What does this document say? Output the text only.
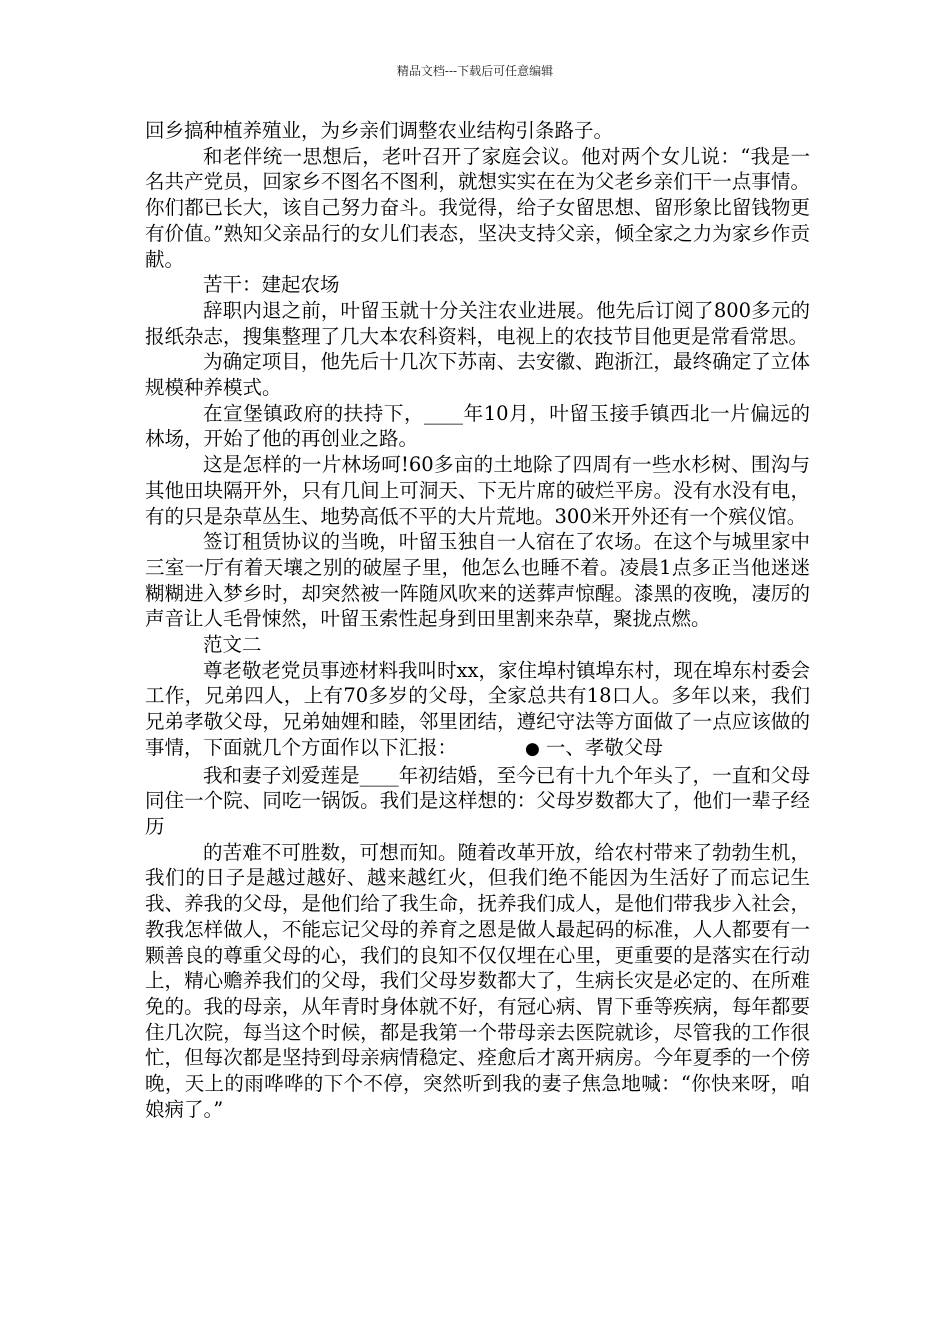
精品文档---下载后可任意编辑

回乡搞种植养殖业，为乡亲们调整农业结构引条路子。

和老伴统一思想后，老叶召开了家庭会议。他对两个女儿说：“我是一名共产党员，回家乡不图名不图利，就想实实在在为父老乡亲们干一点事情。你们都已长大，该自己努力奋斗。我觉得，给子女留思想、留形象比留钱物更有价值。”熟知父亲品行的女儿们表态，坚决支持父亲，倾全家之力为家乡作贡献。

苦干：建起农场

辞职内退之前，叶留玉就十分关注农业进展。他先后订阅了800多元的报纸杂志，搜集整理了几大本农科资料，电视上的农技节目他更是常看常思。

为确定项目，他先后十几次下苏南、去安徽、跑浙江，最终确定了立体规模种养模式。

在宣堡镇政府的扶持下，____年10月，叶留玉接手镇西北一片偏远的林场，开始了他的再创业之路。

这是怎样的一片林场呵!60多亩的土地除了四周有一些水杉树、围沟与其他田块隔开外，只有几间上可洞天、下无片席的破烂平房。没有水没有电，有的只是杂草丛生、地势高低不平的大片荒地。300米开外还有一个殡仪馆。

签订租赁协议的当晚，叶留玉独自一人宿在了农场。在这个与城里家中三室一厅有着天壤之别的破屋子里，他怎么也睡不着。凌晨1点多正当他迷迷糊糊进入梦乡时，却突然被一阵随风吹来的送葬声惊醒。漆黑的夜晚，凄厉的声音让人毛骨悚然，叶留玉索性起身到田里割来杂草，聚拢点燃。

范文二

尊老敬老党员事迹材料我叫时xx，家住埠村镇埠东村，现在埠东村委会工作，兄弟四人，上有70多岁的父母，全家总共有18口人。多年以来，我们兄弟孝敬父母，兄弟妯娌和睦，邻里团结，遵纪守法等方面做了一点应该做的事情，下面就几个方面作以下汇报：	● 一、孝敬父母

我和妻子刘爱莲是____年初结婚，至今已有十九个年头了，一直和父母同住一个院、同吃一锅饭。我们是这样想的：父母岁数都大了，他们一辈子经历

的苦难不可胜数，可想而知。随着改革开放，给农村带来了勃勃生机，我们的日子是越过越好、越来越红火，但我们绝不能因为生活好了而忘记生我、养我的父母，是他们给了我生命，抚养我们成人，是他们带我步入社会，教我怎样做人，不能忘记父母的养育之恩是做人最起码的标准，人人都要有一颗善良的尊重父母的心，我们的良知不仅仅埋在心里，更重要的是落实在行动上，精心赡养我们的父母，我们父母岁数都大了，生病长灾是必定的、在所难免的。我的母亲，从年青时身体就不好，有冠心病、胃下垂等疾病，每年都要住几次院，每当这个时候，都是我第一个带母亲去医院就诊，尽管我的工作很忙，但每次都是坚持到母亲病情稳定、痊愈后才离开病房。今年夏季的一个傍晚，天上的雨哗哗的下个不停，突然听到我的妻子焦急地喊：“你快来呀，咱娘病了。”
